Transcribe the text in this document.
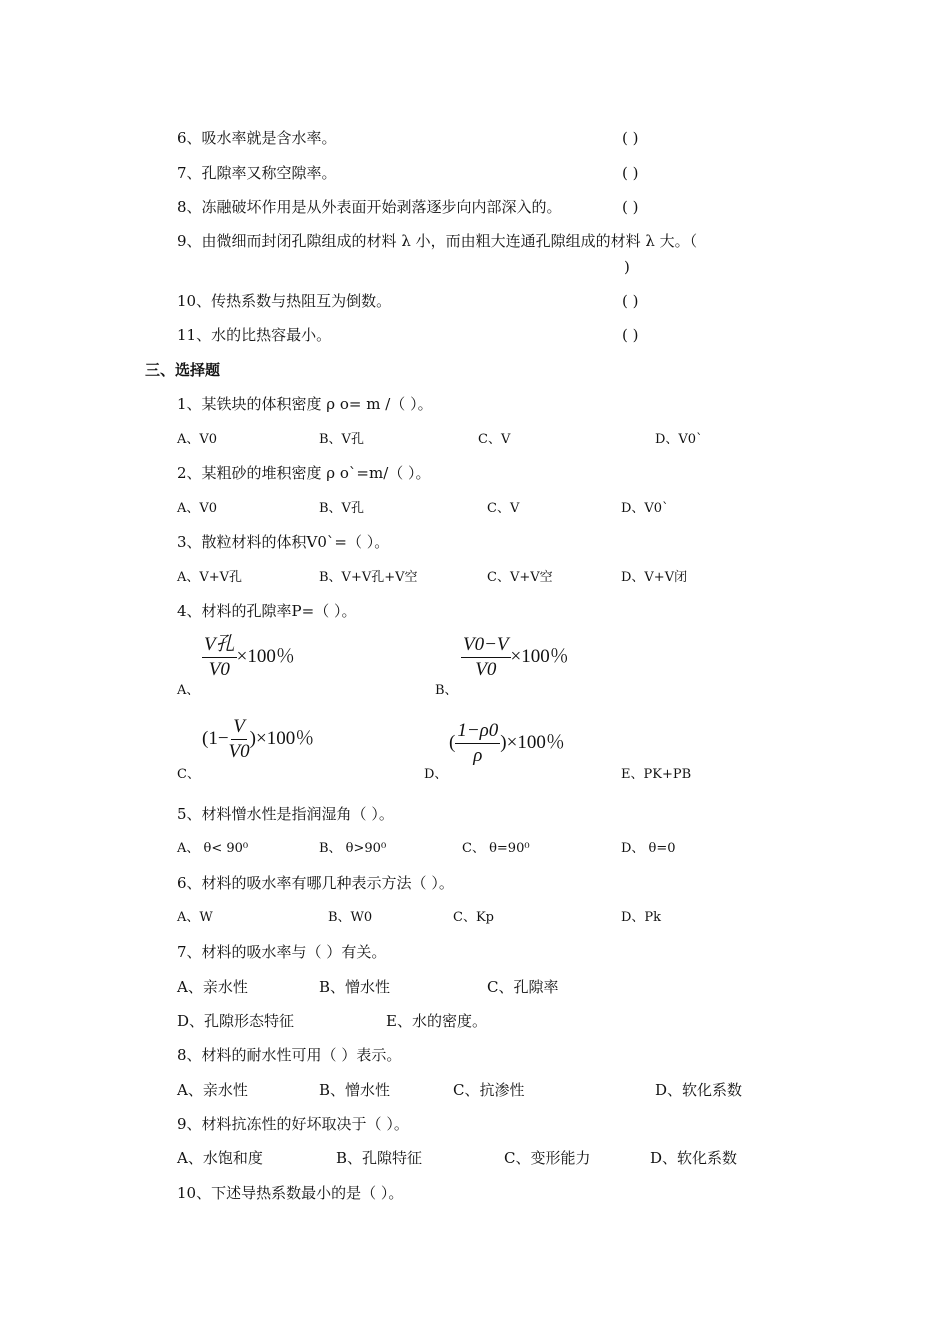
6、吸水率就是含水率。	( )
7、孔隙率又称空隙率。	( )
8、冻融破坏作用是从外表面开始剥落逐步向内部深入的。	( )
9、由微细而封闭孔隙组成的材料 λ 小，而由粗大连通孔隙组成的材料 λ 大。（
)
10、传热系数与热阻互为倒数。	( )
11、水的比热容最小。	( )
三、选择题
1、某铁块的体积密度 ρ o= m /（ ）。
A、V0	B、V孔	C、V	D、V0`
2、某粗砂的堆积密度 ρ o`=m/（ ）。
A、V0	B、V孔	C、V	D、V0`
3、散粒材料的体积V0`=（ ）。
A、V+V孔	B、V+V孔+V空	C、V+V空	D、V+V闭
4、材料的孔隙率P=（ ）。
V孔
V0
×100％
A、
$\frac{V0-V}{V0} \times 100$％
B、
$(1- \frac{V}{V0} )\times 100$％
C、
( $\frac{1-\rho 0}{\rho} )\times 100$％
D、	E、PK+PB
5、材料憎水性是指润湿角（ ）。
A、 θ< 90⁰	B、 θ>90⁰	C、 θ=90⁰	D、 θ=0
6、材料的吸水率有哪几种表示方法（ ）。
A、W	B、W0	C、Kp	D、Pk
7、材料的吸水率与（ ）有关。
A、亲水性	B、憎水性	C、孔隙率
D、孔隙形态特征	E、水的密度。
8、材料的耐水性可用（ ）表示。
A、亲水性	B、憎水性	C、抗渗性	D、软化系数
9、材料抗冻性的好坏取决于（ ）。
A、水饱和度	B、孔隙特征	C、变形能力	D、软化系数
10、下述导热系数最小的是（ ）。
